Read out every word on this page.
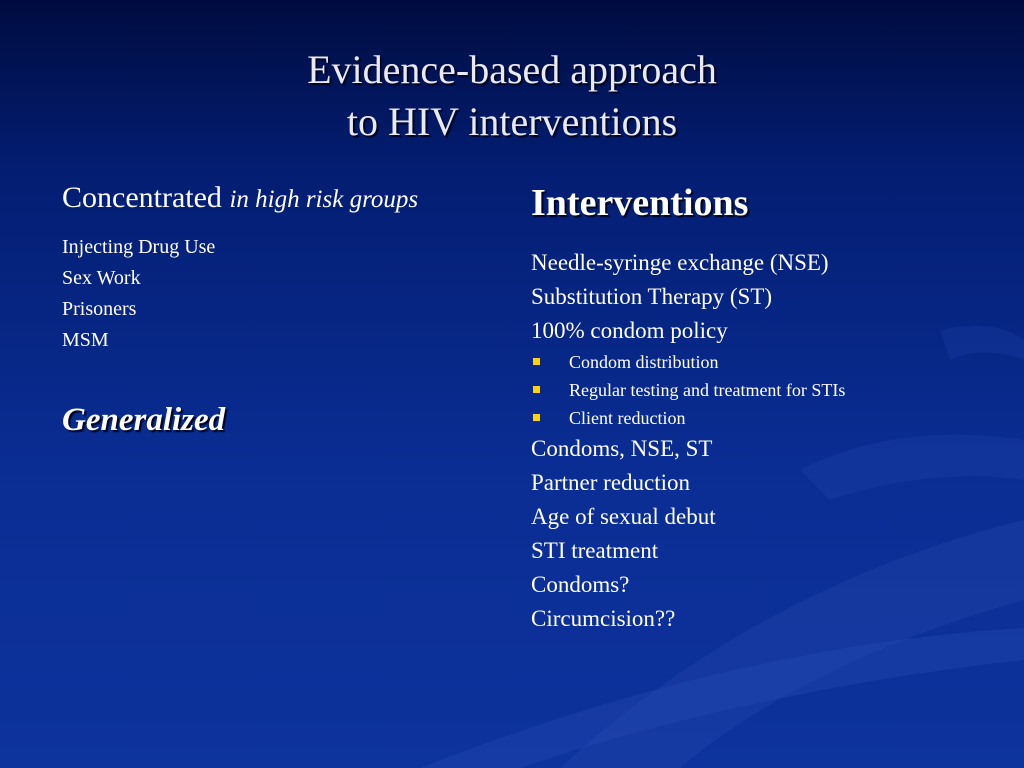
Evidence-based approach
to HIV interventions

Concentrated in high risk groups

Injecting Drug Use
Sex Work
Prisoners
MSM
Generalized
Interventions
Needle-syringe exchange (NSE)
Substitution Therapy (ST)
100% condom policy
Condom distribution
Regular testing and treatment for STIs
Client reduction
Condoms, NSE, ST
Partner reduction
Age of sexual debut
STI treatment
Condoms?
Circumcision??
